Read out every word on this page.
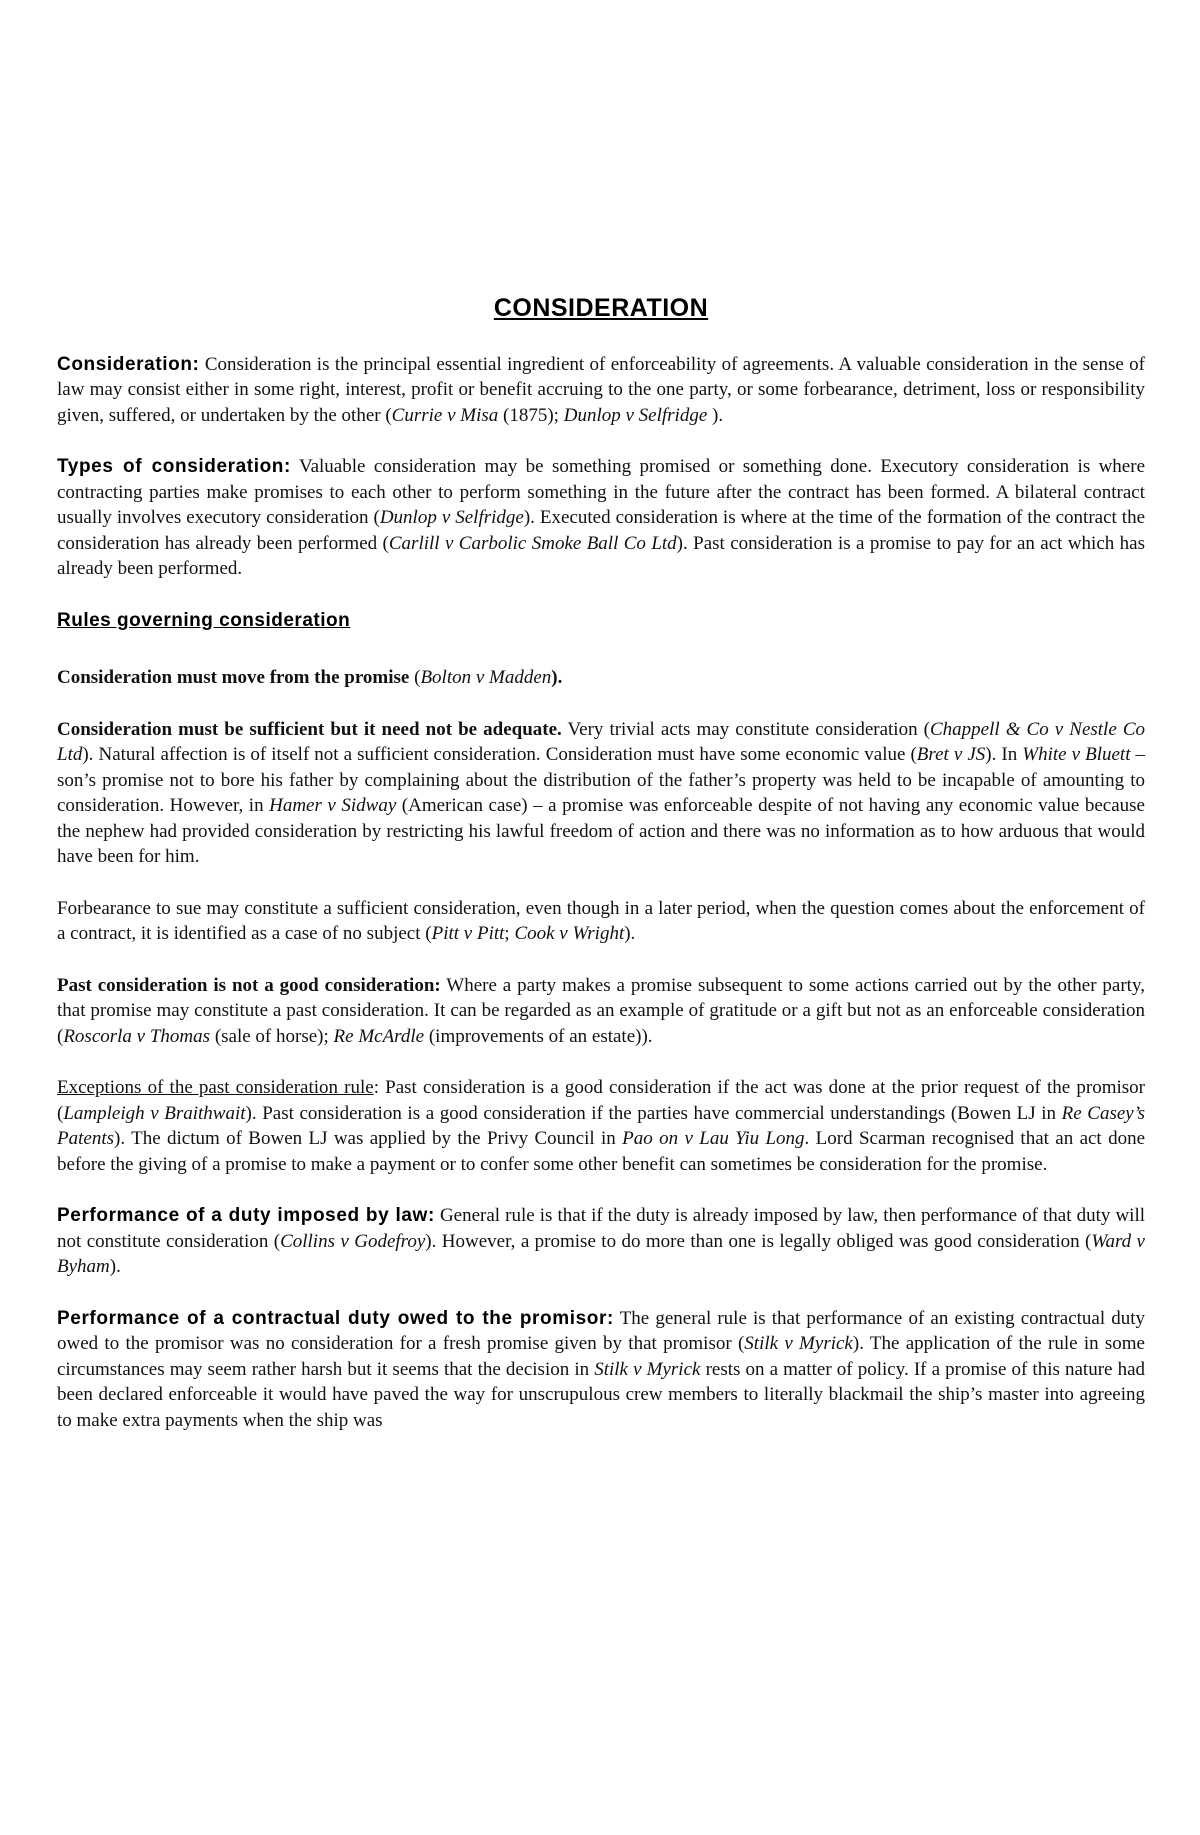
CONSIDERATION

Consideration: Consideration is the principal essential ingredient of enforceability of agreements. A valuable consideration in the sense of law may consist either in some right, interest, profit or benefit accruing to the one party, or some forbearance, detriment, loss or responsibility given, suffered, or undertaken by the other (Currie v Misa (1875); Dunlop v Selfridge ).

Types of consideration: Valuable consideration may be something promised or something done. Executory consideration is where contracting parties make promises to each other to perform something in the future after the contract has been formed. A bilateral contract usually involves executory consideration (Dunlop v Selfridge). Executed consideration is where at the time of the formation of the contract the consideration has already been performed (Carlill v Carbolic Smoke Ball Co Ltd). Past consideration is a promise to pay for an act which has already been performed.

Rules governing consideration

Consideration must move from the promise (Bolton v Madden).

Consideration must be sufficient but it need not be adequate. Very trivial acts may constitute consideration (Chappell & Co v Nestle Co Ltd). Natural affection is of itself not a sufficient consideration. Consideration must have some economic value (Bret v JS). In White v Bluett – son’s promise not to bore his father by complaining about the distribution of the father’s property was held to be incapable of amounting to consideration. However, in Hamer v Sidway (American case) – a promise was enforceable despite of not having any economic value because the nephew had provided consideration by restricting his lawful freedom of action and there was no information as to how arduous that would have been for him.

Forbearance to sue may constitute a sufficient consideration, even though in a later period, when the question comes about the enforcement of a contract, it is identified as a case of no subject (Pitt v Pitt; Cook v Wright).

Past consideration is not a good consideration: Where a party makes a promise subsequent to some actions carried out by the other party, that promise may constitute a past consideration. It can be regarded as an example of gratitude or a gift but not as an enforceable consideration (Roscorla v Thomas (sale of horse); Re McArdle (improvements of an estate)).

Exceptions of the past consideration rule: Past consideration is a good consideration if the act was done at the prior request of the promisor (Lampleigh v Braithwait). Past consideration is a good consideration if the parties have commercial understandings (Bowen LJ in Re Casey’s Patents). The dictum of Bowen LJ was applied by the Privy Council in Pao on v Lau Yiu Long. Lord Scarman recognised that an act done before the giving of a promise to make a payment or to confer some other benefit can sometimes be consideration for the promise.

Performance of a duty imposed by law: General rule is that if the duty is already imposed by law, then performance of that duty will not constitute consideration (Collins v Godefroy). However, a promise to do more than one is legally obliged was good consideration (Ward v Byham).

Performance of a contractual duty owed to the promisor: The general rule is that performance of an existing contractual duty owed to the promisor was no consideration for a fresh promise given by that promisor (Stilk v Myrick). The application of the rule in some circumstances may seem rather harsh but it seems that the decision in Stilk v Myrick rests on a matter of policy. If a promise of this nature had been declared enforceable it would have paved the way for unscrupulous crew members to literally blackmail the ship’s master into agreeing to make extra payments when the ship was
